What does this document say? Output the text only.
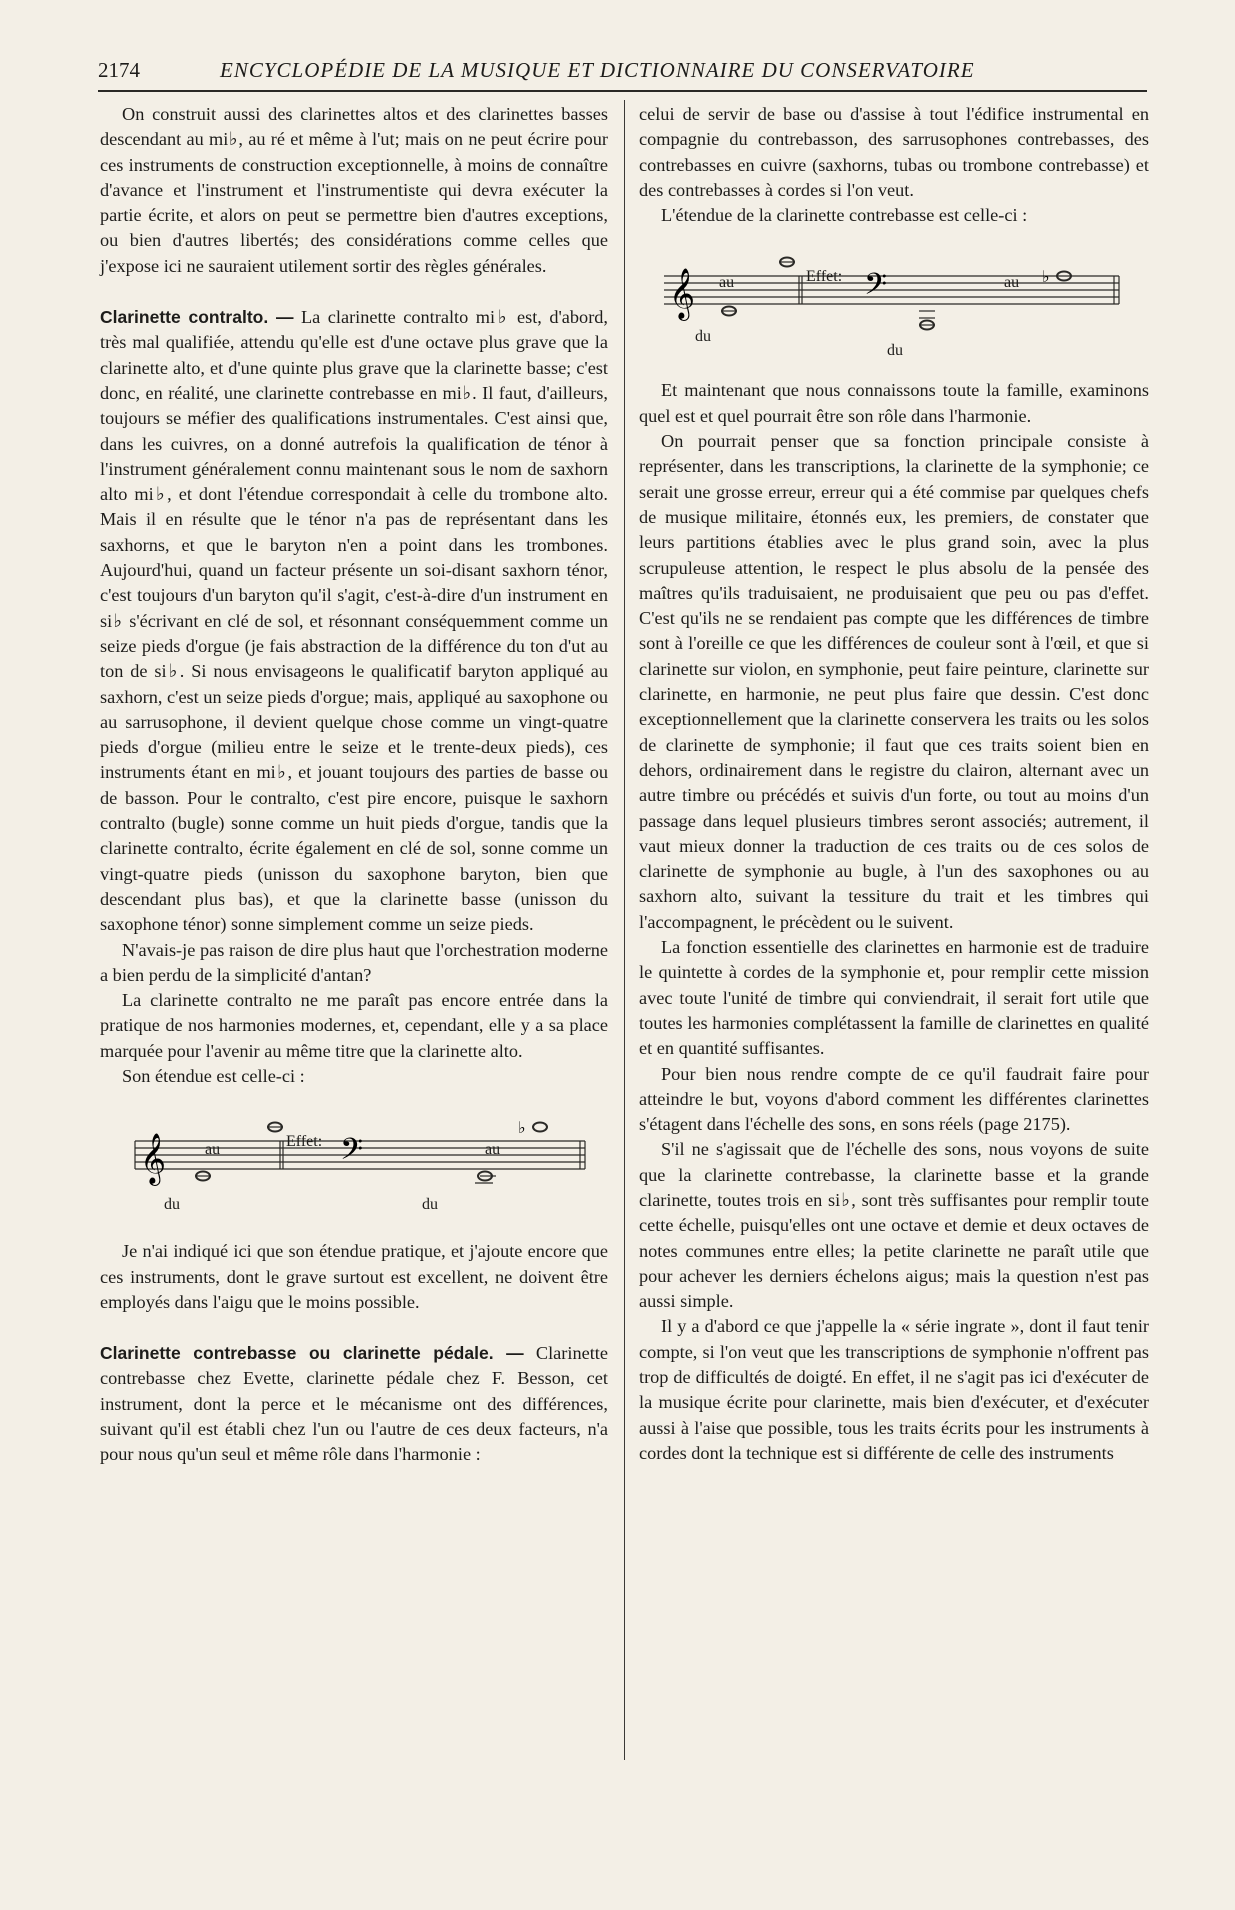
2174	ENCYCLOPÉDIE DE LA MUSIQUE ET DICTIONNAIRE DU CONSERVATOIRE

On construit aussi des clarinettes altos et des clarinettes basses descendant au mi♭, au ré et même à l'ut; mais on ne peut écrire pour ces instruments de construction exceptionnelle, à moins de connaître d'avance et l'instrument et l'instrumentiste qui devra exécuter la partie écrite, et alors on peut se permettre bien d'autres exceptions, ou bien d'autres libertés; des considérations comme celles que j'expose ici ne sauraient utilement sortir des règles générales.

Clarinette contralto. — La clarinette contralto mi♭ est, d'abord, très mal qualifiée, attendu qu'elle est d'une octave plus grave que la clarinette alto, et d'une quinte plus grave que la clarinette basse; c'est donc, en réalité, une clarinette contrebasse en mi♭. Il faut, d'ailleurs, toujours se méfier des qualifications instrumentales. C'est ainsi que, dans les cuivres, on a donné autrefois la qualification de ténor à l'instrument généralement connu maintenant sous le nom de saxhorn alto mi♭, et dont l'étendue correspondait à celle du trombone alto. Mais il en résulte que le ténor n'a pas de représentant dans les saxhorns, et que le baryton n'en a point dans les trombones. Aujourd'hui, quand un facteur présente un soi-disant saxhorn ténor, c'est toujours d'un baryton qu'il s'agit, c'est-à-dire d'un instrument en si♭ s'écrivant en clé de sol, et résonnant conséquemment comme un seize pieds d'orgue (je fais abstraction de la différence du ton d'ut au ton de si♭. Si nous envisageons le qualificatif baryton appliqué au saxhorn, c'est un seize pieds d'orgue; mais, appliqué au saxophone ou au sarrusophone, il devient quelque chose comme un vingt-quatre pieds d'orgue (milieu entre le seize et le trente-deux pieds), ces instruments étant en mi♭, et jouant toujours des parties de basse ou de basson. Pour le contralto, c'est pire encore, puisque le saxhorn contralto (bugle) sonne comme un huit pieds d'orgue, tandis que la clarinette contralto, écrite également en clé de sol, sonne comme un vingt-quatre pieds (unisson du saxophone baryton, bien que descendant plus bas), et que la clarinette basse (unisson du saxophone ténor) sonne simplement comme un seize pieds.

N'avais-je pas raison de dire plus haut que l'orchestration moderne a bien perdu de la simplicité d'antan?

La clarinette contralto ne me paraît pas encore entrée dans la pratique de nos harmonies modernes, et, cependant, elle y a sa place marquée pour l'avenir au même titre que la clarinette alto.

Son étendue est celle-ci :

𝄞	𝄢
♭
au	Effet:	au
du	du

Je n'ai indiqué ici que son étendue pratique, et j'ajoute encore que ces instruments, dont le grave surtout est excellent, ne doivent être employés dans l'aigu que le moins possible.

Clarinette contrebasse ou clarinette pédale. — Clarinette contrebasse chez Evette, clarinette pédale chez F. Besson, cet instrument, dont la perce et le mécanisme ont des différences, suivant qu'il est établi chez l'un ou l'autre de ces deux facteurs, n'a pour nous qu'un seul et même rôle dans l'harmonie :

celui de servir de base ou d'assise à tout l'édifice instrumental en compagnie du contrebasson, des sarrusophones contrebasses, des contrebasses en cuivre (saxhorns, tubas ou trombone contrebasse) et des contrebasses à cordes si l'on veut.

L'étendue de la clarinette contrebasse est celle-ci :

𝄞	𝄢	♭
au	Effet:	au
du
du

Et maintenant que nous connaissons toute la famille, examinons quel est et quel pourrait être son rôle dans l'harmonie.

On pourrait penser que sa fonction principale consiste à représenter, dans les transcriptions, la clarinette de la symphonie; ce serait une grosse erreur, erreur qui a été commise par quelques chefs de musique militaire, étonnés eux, les premiers, de constater que leurs partitions établies avec le plus grand soin, avec la plus scrupuleuse attention, le respect le plus absolu de la pensée des maîtres qu'ils traduisaient, ne produisaient que peu ou pas d'effet. C'est qu'ils ne se rendaient pas compte que les différences de timbre sont à l'oreille ce que les différences de couleur sont à l'œil, et que si clarinette sur violon, en symphonie, peut faire peinture, clarinette sur clarinette, en harmonie, ne peut plus faire que dessin. C'est donc exceptionnellement que la clarinette conservera les traits ou les solos de clarinette de symphonie; il faut que ces traits soient bien en dehors, ordinairement dans le registre du clairon, alternant avec un autre timbre ou précédés et suivis d'un forte, ou tout au moins d'un passage dans lequel plusieurs timbres seront associés; autrement, il vaut mieux donner la traduction de ces traits ou de ces solos de clarinette de symphonie au bugle, à l'un des saxophones ou au saxhorn alto, suivant la tessiture du trait et les timbres qui l'accompagnent, le précèdent ou le suivent.

La fonction essentielle des clarinettes en harmonie est de traduire le quintette à cordes de la symphonie et, pour remplir cette mission avec toute l'unité de timbre qui conviendrait, il serait fort utile que toutes les harmonies complétassent la famille de clarinettes en qualité et en quantité suffisantes.

Pour bien nous rendre compte de ce qu'il faudrait faire pour atteindre le but, voyons d'abord comment les différentes clarinettes s'étagent dans l'échelle des sons, en sons réels (page 2175).

S'il ne s'agissait que de l'échelle des sons, nous voyons de suite que la clarinette contrebasse, la clarinette basse et la grande clarinette, toutes trois en si♭, sont très suffisantes pour remplir toute cette échelle, puisqu'elles ont une octave et demie et deux octaves de notes communes entre elles; la petite clarinette ne paraît utile que pour achever les derniers échelons aigus; mais la question n'est pas aussi simple.

Il y a d'abord ce que j'appelle la « série ingrate », dont il faut tenir compte, si l'on veut que les transcriptions de symphonie n'offrent pas trop de difficultés de doigté. En effet, il ne s'agit pas ici d'exécuter de la musique écrite pour clarinette, mais bien d'exécuter, et d'exécuter aussi à l'aise que possible, tous les traits écrits pour les instruments à cordes dont la technique est si différente de celle des instruments
